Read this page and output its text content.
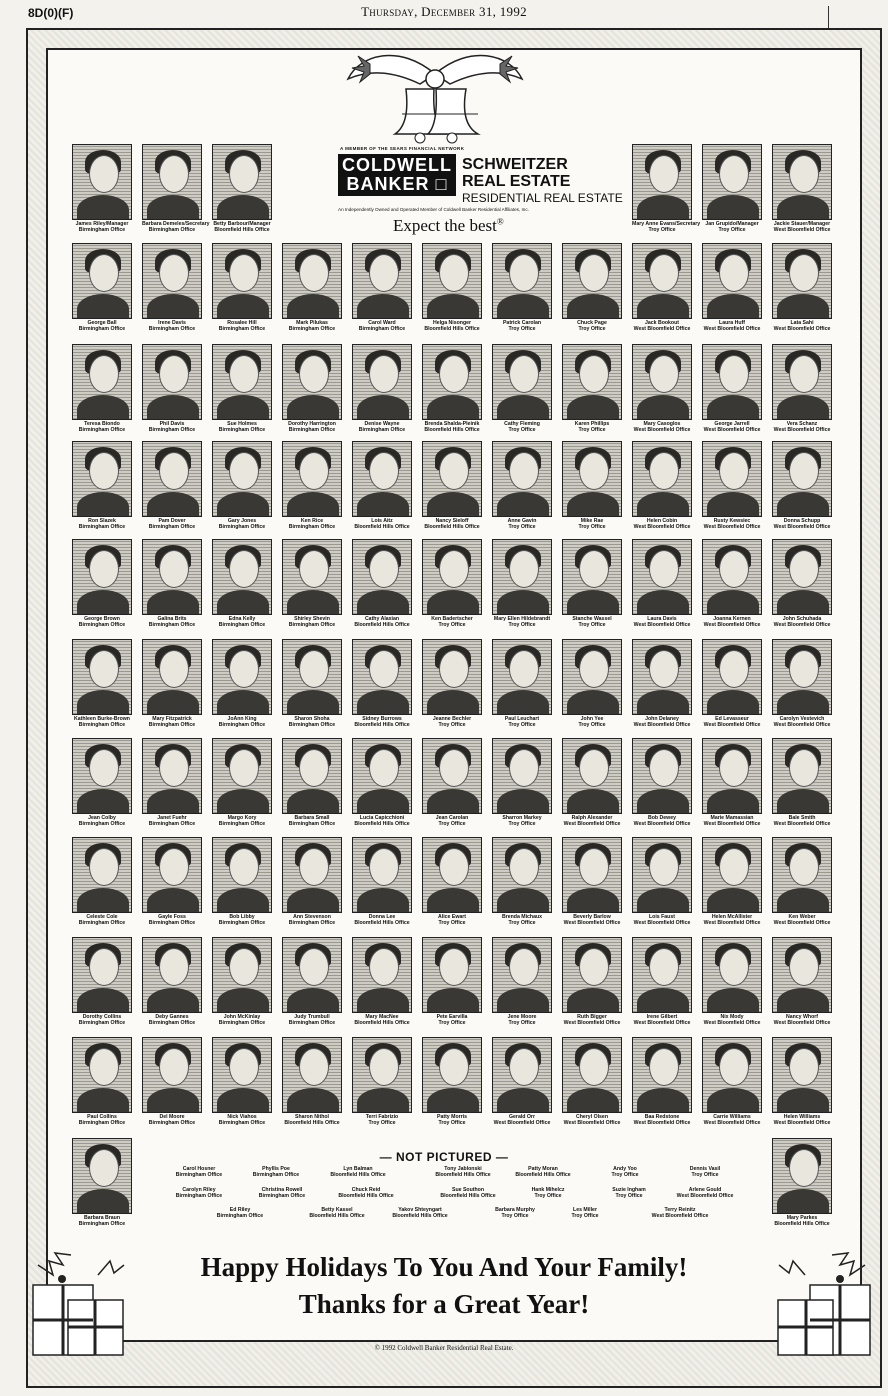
8D(0)(F)	Thursday, December 31, 1992
A MEMBER OF THE SEARS FINANCIAL NETWORK
COLDWELL
BANKER □
SCHWEITZER
REAL ESTATE
RESIDENTIAL REAL ESTATE
An Independently Owned and Operated Member of Coldwell Banker Residential Affiliates, Inc.
Expect the best®
James Riley/Manager
Birmingham Office
Barbara Demeles/Secretary
Birmingham Office
Betty Barbour/Manager
Bloomfield Hills Office
Mary Anne Evans/Secretary
Troy Office
Jan Grupido/Manager
Troy Office
Jackie Stauer/Manager
West Bloomfield Office
George Ball
Birmingham Office
Irene Davis
Birmingham Office
Rosalee Hill
Birmingham Office
Mark Pilukas
Birmingham Office
Carol Ward
Birmingham Office
Helga Nisonger
Bloomfield Hills Office
Patrick Carolan
Troy Office
Chuck Page
Troy Office
Jack Bookout
West Bloomfield Office
Laura Huff
West Bloomfield Office
Lata Sahi
West Bloomfield Office
Teresa Biondo
Birmingham Office
Phil Davis
Birmingham Office
Sue Holmes
Birmingham Office
Dorothy Harrington
Birmingham Office
Denise Wayne
Birmingham Office
Brenda Shalda-Pleinik
Bloomfield Hills Office
Cathy Fleming
Troy Office
Karen Phillips
Troy Office
Mary Casoglos
West Bloomfield Office
George Jarrell
West Bloomfield Office
Vera Schanz
West Bloomfield Office
Ron Slazek
Birmingham Office
Pam Dover
Birmingham Office
Gary Jones
Birmingham Office
Ken Rice
Birmingham Office
Lois Aitz
Bloomfield Hills Office
Nancy Sieloff
Bloomfield Hills Office
Anne Gavin
Troy Office
Mike Rae
Troy Office
Helen Cobin
West Bloomfield Office
Rusty Kewsiec
West Bloomfield Office
Donna Schupp
West Bloomfield Office
George Brown
Birmingham Office
Galina Brits
Birmingham Office
Edna Kelly
Birmingham Office
Shirley Shevin
Birmingham Office
Cathy Alaxian
Bloomfield Hills Office
Ken Badertscher
Troy Office
Mary Ellen Hildebrandt
Troy Office
Stanche Wassel
Troy Office
Laura Davis
West Bloomfield Office
Joanna Kernen
West Bloomfield Office
John Schuhada
West Bloomfield Office
Kathleen Burke-Brown
Birmingham Office
Mary Fitzpatrick
Birmingham Office
JoAnn King
Birmingham Office
Sharon Shoha
Birmingham Office
Sidney Burrows
Bloomfield Hills Office
Jeanne Bechler
Troy Office
Paul Leuchart
Troy Office
John Yee
Troy Office
John Delaney
West Bloomfield Office
Ed Levasseur
West Bloomfield Office
Carolyn Vestevich
West Bloomfield Office
Jean Colby
Birmingham Office
Janet Fuehr
Birmingham Office
Margo Kory
Birmingham Office
Barbara Small
Birmingham Office
Lucia Capicchioni
Bloomfield Hills Office
Jean Carolan
Troy Office
Sharron Markey
Troy Office
Ralph Alexander
West Bloomfield Office
Bob Dewey
West Bloomfield Office
Marie Mamassian
West Bloomfield Office
Bale Smith
West Bloomfield Office
Celeste Cole
Birmingham Office
Gayle Foss
Birmingham Office
Bob Libby
Birmingham Office
Ann Stevenson
Birmingham Office
Donna Lee
Bloomfield Hills Office
Alice Ewart
Troy Office
Brenda Michaux
Troy Office
Beverly Barlow
West Bloomfield Office
Lois Faust
West Bloomfield Office
Helen McAllister
West Bloomfield Office
Ken Weber
West Bloomfield Office
Dorothy Collins
Birmingham Office
Deby Gannes
Birmingham Office
John McKinlay
Birmingham Office
Judy Trumbull
Birmingham Office
Mary MacNee
Bloomfield Hills Office
Pete Earvilla
Troy Office
Jene Moore
Troy Office
Ruth Bigger
West Bloomfield Office
Irene Gilbert
West Bloomfield Office
Nix Mody
West Bloomfield Office
Nancy Whorf
West Bloomfield Office
Paul Collins
Birmingham Office
Del Moore
Birmingham Office
Nick Viahos
Birmingham Office
Sharon Nithol
Bloomfield Hills Office
Terri Fabrizio
Troy Office
Patty Morris
Troy Office
Gerald Orr
West Bloomfield Office
Cheryl Olsen
West Bloomfield Office
Baa Redstone
West Bloomfield Office
Carrie Williams
West Bloomfield Office
Helen Williams
West Bloomfield Office
Barbara Braun
Birmingham Office
Mary Parkes
Bloomfield Hills Office
— NOT PICTURED —
Carol Hosner
Birmingham Office
Phyllis Poe
Birmingham Office
Lyn Balman
Bloomfield Hills Office
Tony Jablonski
Bloomfield Hills Office
Patty Moran
Bloomfield Hills Office
Andy Yoo
Troy Office
Dennis Vasil
Troy Office
Carolyn Riley
Birmingham Office
Christina Rowell
Birmingham Office
Chuck Reid
Bloomfield Hills Office
Sue Southon
Bloomfield Hills Office
Hank Mihelcz
Troy Office
Suzie Ingham
Troy Office
Arlene Gould
West Bloomfield Office
Ed Riley
Birmingham Office
Betty Kassel
Bloomfield Hills Office
Yakov Shteyngart
Bloomfield Hills Office
Barbara Murphy
Troy Office
Les Miller
Troy Office
Terry Reinitz
West Bloomfield Office
Happy Holidays To You And Your Family!
Thanks for a Great Year!
© 1992 Coldwell Banker Residential Real Estate.
